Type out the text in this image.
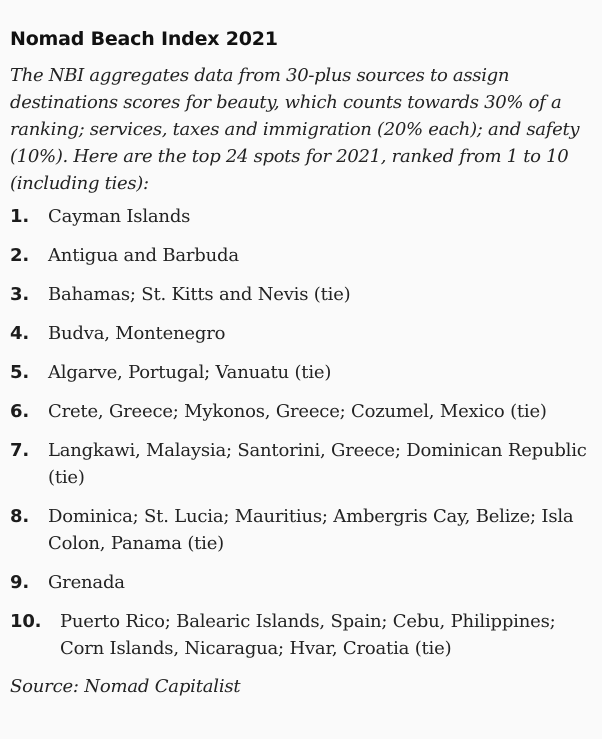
Nomad Beach Index 2021

The NBI aggregates data from 30-plus sources to assign destinations scores for beauty, which counts towards 30% of a ranking; services, taxes and immigration (20% each); and safety (10%). Here are the top 24 spots for 2021, ranked from 1 to 10 (including ties):

1.	Cayman Islands
2.	Antigua and Barbuda
3.	Bahamas; St. Kitts and Nevis (tie)
4.	Budva, Montenegro
5.	Algarve, Portugal; Vanuatu (tie)
6.	Crete, Greece; Mykonos, Greece; Cozumel, Mexico (tie)
7.	Langkawi, Malaysia; Santorini, Greece; Dominican Republic (tie)
8.	Dominica; St. Lucia; Mauritius; Ambergris Cay, Belize; Isla Colon, Panama (tie)
9.	Grenada
10.	Puerto Rico; Balearic Islands, Spain; Cebu, Philippines; Corn Islands, Nicaragua; Hvar, Croatia (tie)

Source: Nomad Capitalist
